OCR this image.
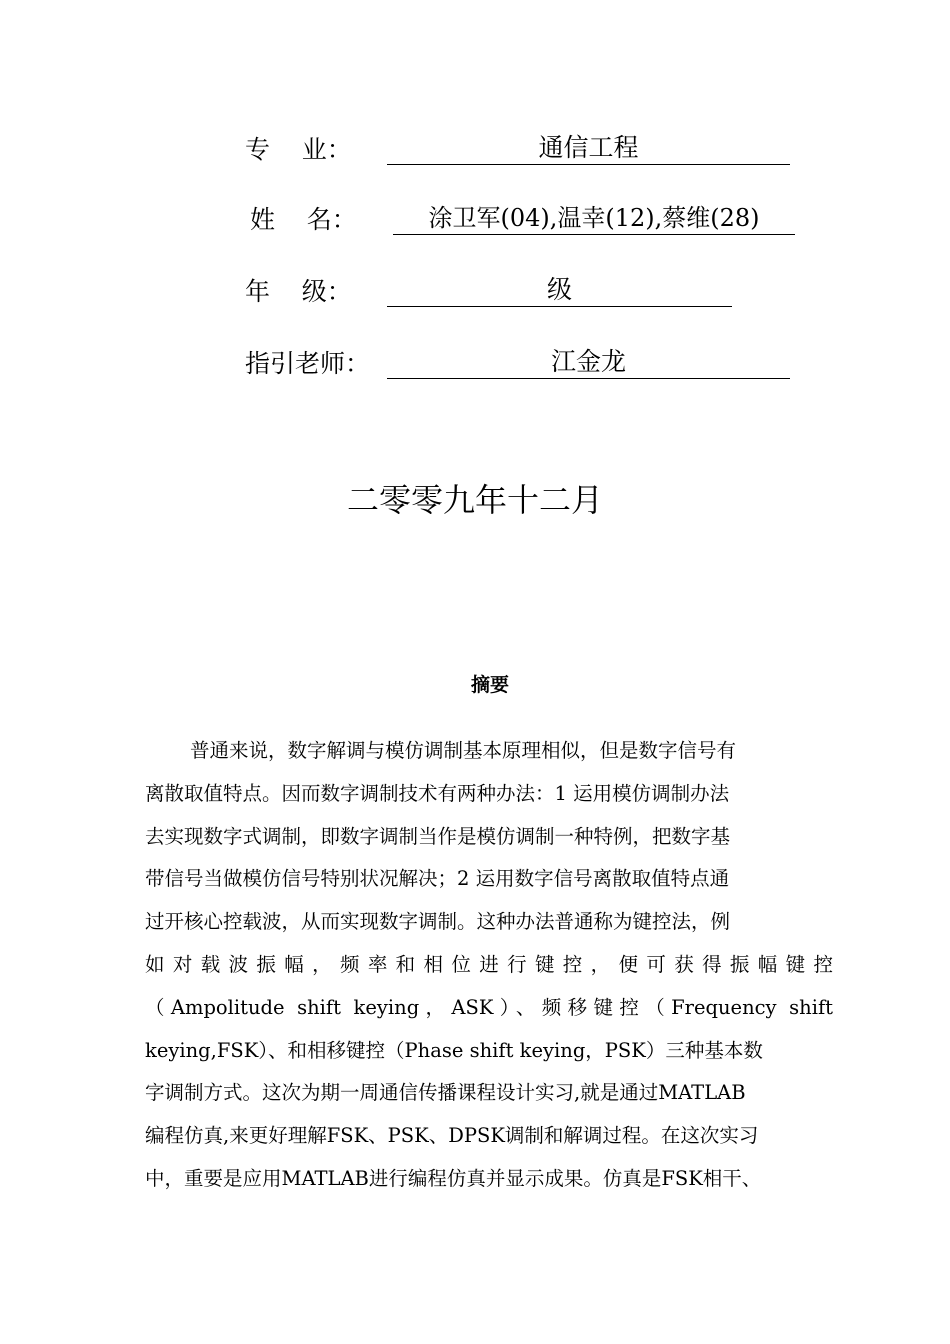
专    业：	通信工程
姓    名：	涂卫军(04),温幸(12),蔡维(28)
年    级：	级
指引老师：	江金龙
二零零九年十二月
摘要
普通来说，数字解调与模仿调制基本原理相似，但是数字信号有
离散取值特点。因而数字调制技术有两种办法：1 运用模仿调制办法
去实现数字式调制，即数字调制当作是模仿调制一种特例，把数字基
带信号当做模仿信号特别状况解决；2 运用数字信号离散取值特点通
过开核心控载波，从而实现数字调制。这种办法普通称为键控法，例
如对载波振幅，频率和相位进行键控，便可获得振幅键控
（Ampolitude shift keying，ASK）、频移键控（Frequency shift
keying,FSK）、和相移键控（Phase shift keying，PSK）三种基本数
字调制方式。这次为期一周通信传播课程设计实习,就是通过MATLAB
编程仿真,来更好理解FSK、PSK、DPSK调制和解调过程。在这次实习
中，重要是应用MATLAB进行编程仿真并显示成果。仿真是FSK相干、
